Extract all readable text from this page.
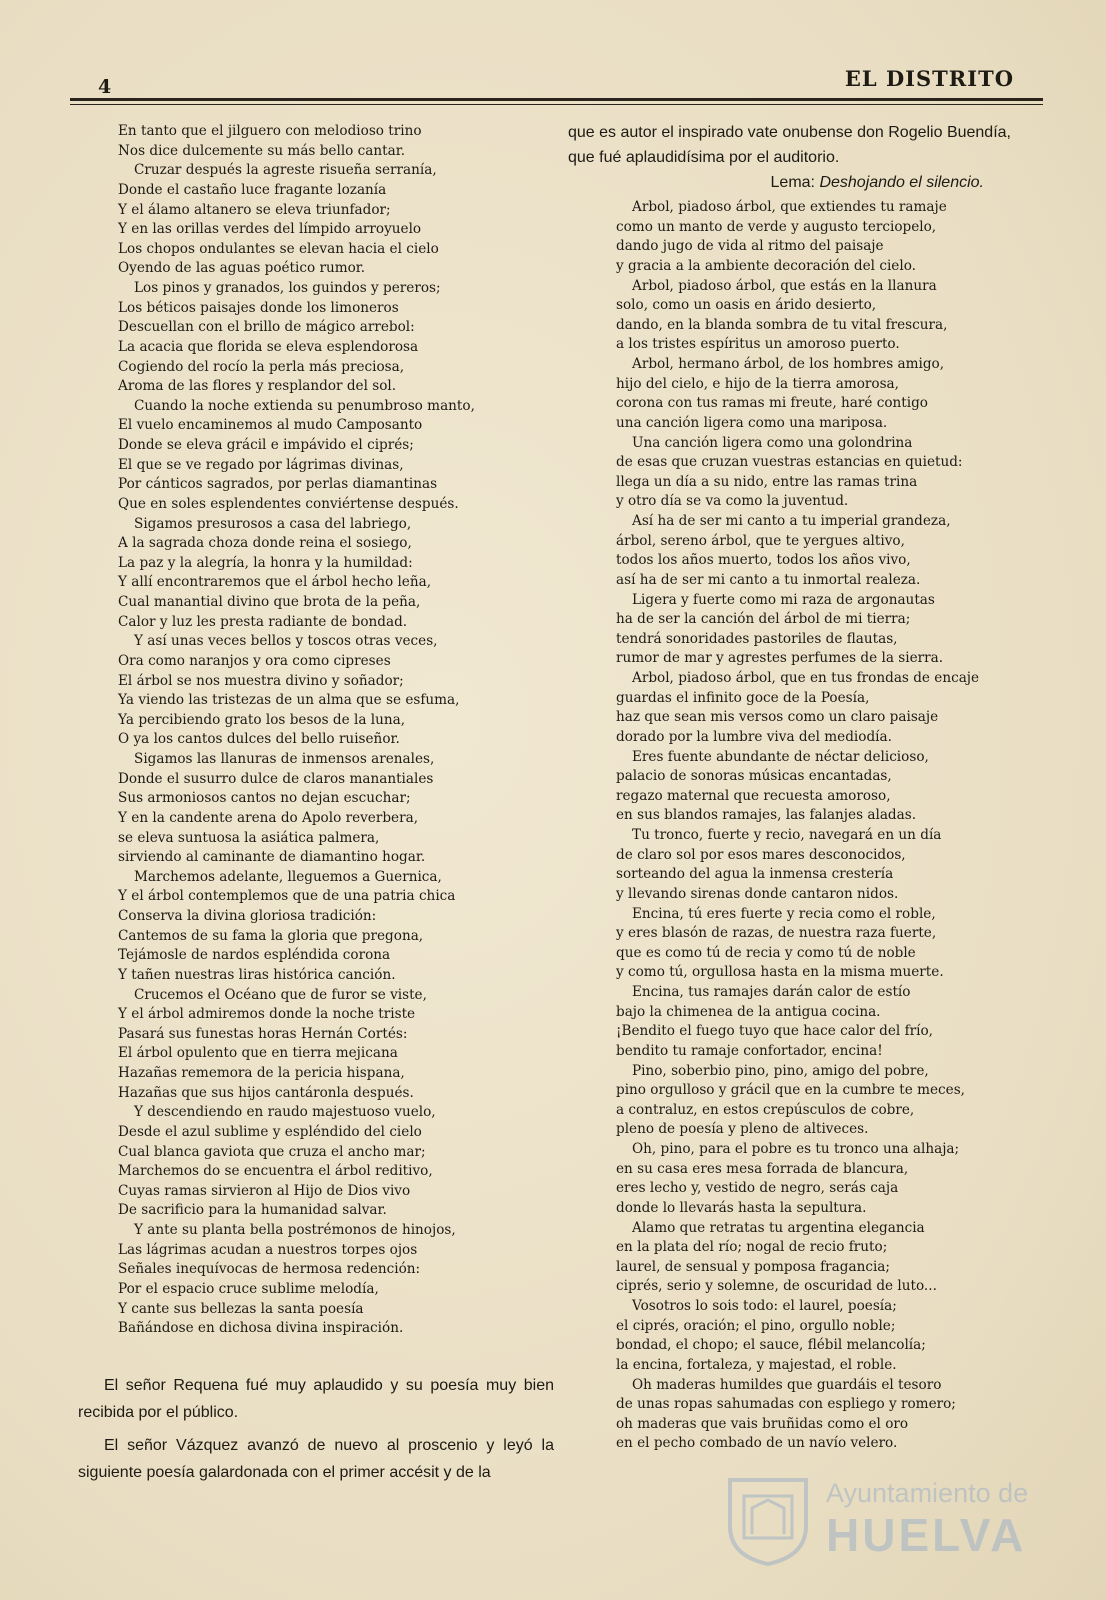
4	EL DISTRITO
En tanto que el jilguero con melodioso trino
Nos dice dulcemente su más bello cantar.
Cruzar después la agreste risueña serranía,
Donde el castaño luce fragante lozanía
Y el álamo altanero se eleva triunfador;
Y en las orillas verdes del límpido arroyuelo
Los chopos ondulantes se elevan hacia el cielo
Oyendo de las aguas poético rumor.
Los pinos y granados, los guindos y pereros;
Los béticos paisajes donde los limoneros
Descuellan con el brillo de mágico arrebol:
La acacia que florida se eleva esplendorosa
Cogiendo del rocío la perla más preciosa,
Aroma de las flores y resplandor del sol.
Cuando la noche extienda su penumbroso manto,
El vuelo encaminemos al mudo Camposanto
Donde se eleva grácil e impávido el ciprés;
El que se ve regado por lágrimas divinas,
Por cánticos sagrados, por perlas diamantinas
Que en soles esplendentes conviértense después.
Sigamos presurosos a casa del labriego,
A la sagrada choza donde reina el sosiego,
La paz y la alegría, la honra y la humildad:
Y allí encontraremos que el árbol hecho leña,
Cual manantial divino que brota de la peña,
Calor y luz les presta radiante de bondad.
Y así unas veces bellos y toscos otras veces,
Ora como naranjos y ora como cipreses
El árbol se nos muestra divino y soñador;
Ya viendo las tristezas de un alma que se esfuma,
Ya percibiendo grato los besos de la luna,
O ya los cantos dulces del bello ruiseñor.
Sigamos las llanuras de inmensos arenales,
Donde el susurro dulce de claros manantiales
Sus armoniosos cantos no dejan escuchar;
Y en la candente arena do Apolo reverbera,
se eleva suntuosa la asiática palmera,
sirviendo al caminante de diamantino hogar.
Marchemos adelante, lleguemos a Guernica,
Y el árbol contemplemos que de una patria chica
Conserva la divina gloriosa tradición:
Cantemos de su fama la gloria que pregona,
Tejámosle de nardos espléndida corona
Y tañen nuestras liras histórica canción.
Crucemos el Océano que de furor se viste,
Y el árbol admiremos donde la noche triste
Pasará sus funestas horas Hernán Cortés:
El árbol opulento que en tierra mejicana
Hazañas rememora de la pericia hispana,
Hazañas que sus hijos cantáronla después.
Y descendiendo en raudo majestuoso vuelo,
Desde el azul sublime y espléndido del cielo
Cual blanca gaviota que cruza el ancho mar;
Marchemos do se encuentra el árbol reditivo,
Cuyas ramas sirvieron al Hijo de Dios vivo
De sacrificio para la humanidad salvar.
Y ante su planta bella postrémonos de hinojos,
Las lágrimas acudan a nuestros torpes ojos
Señales inequívocas de hermosa redención:
Por el espacio cruce sublime melodía,
Y cante sus bellezas la santa poesía
Bañándose en dichosa divina inspiración.

El señor Requena fué muy aplaudido y su poesía muy bien recibida por el público.

El señor Vázquez avanzó de nuevo al proscenio y leyó la siguiente poesía galardonada con el primer accésit y de la

que es autor el inspirado vate onubense don Rogelio Buendía,
que fué aplaudidísima por el auditorio.
Lema: Deshojando el silencio.
Arbol, piadoso árbol, que extiendes tu ramaje
como un manto de verde y augusto terciopelo,
dando jugo de vida al ritmo del paisaje
y gracia a la ambiente decoración del cielo.
Arbol, piadoso árbol, que estás en la llanura
solo, como un oasis en árido desierto,
dando, en la blanda sombra de tu vital frescura,
a los tristes espíritus un amoroso puerto.
Arbol, hermano árbol, de los hombres amigo,
hijo del cielo, e hijo de la tierra amorosa,
corona con tus ramas mi freute, haré contigo
una canción ligera como una mariposa.
Una canción ligera como una golondrina
de esas que cruzan vuestras estancias en quietud:
llega un día a su nido, entre las ramas trina
y otro día se va como la juventud.
Así ha de ser mi canto a tu imperial grandeza,
árbol, sereno árbol, que te yergues altivo,
todos los años muerto, todos los años vivo,
así ha de ser mi canto a tu inmortal realeza.
Ligera y fuerte como mi raza de argonautas
ha de ser la canción del árbol de mi tierra;
tendrá sonoridades pastoriles de flautas,
rumor de mar y agrestes perfumes de la sierra.
Arbol, piadoso árbol, que en tus frondas de encaje
guardas el infinito goce de la Poesía,
haz que sean mis versos como un claro paisaje
dorado por la lumbre viva del mediodía.
Eres fuente abundante de néctar delicioso,
palacio de sonoras músicas encantadas,
regazo maternal que recuesta amoroso,
en sus blandos ramajes, las falanjes aladas.
Tu tronco, fuerte y recio, navegará en un día
de claro sol por esos mares desconocidos,
sorteando del agua la inmensa crestería
y llevando sirenas donde cantaron nidos.
Encina, tú eres fuerte y recia como el roble,
y eres blasón de razas, de nuestra raza fuerte,
que es como tú de recia y como tú de noble
y como tú, orgullosa hasta en la misma muerte.
Encina, tus ramajes darán calor de estío
bajo la chimenea de la antigua cocina.
¡Bendito el fuego tuyo que hace calor del frío,
bendito tu ramaje confortador, encina!
Pino, soberbio pino, pino, amigo del pobre,
pino orgulloso y grácil que en la cumbre te meces,
a contraluz, en estos crepúsculos de cobre,
pleno de poesía y pleno de altiveces.
Oh, pino, para el pobre es tu tronco una alhaja;
en su casa eres mesa forrada de blancura,
eres lecho y, vestido de negro, serás caja
donde lo llevarás hasta la sepultura.
Alamo que retratas tu argentina elegancia
en la plata del río; nogal de recio fruto;
laurel, de sensual y pomposa fragancia;
ciprés, serio y solemne, de oscuridad de luto...
Vosotros lo sois todo: el laurel, poesía;
el ciprés, oración; el pino, orgullo noble;
bondad, el chopo; el sauce, flébil melancolía;
la encina, fortaleza, y majestad, el roble.
Oh maderas humildes que guardáis el tesoro
de unas ropas sahumadas con espliego y romero;
oh maderas que vais bruñidas como el oro
en el pecho combado de un navío velero.
Ayuntamiento de
HUELVA
